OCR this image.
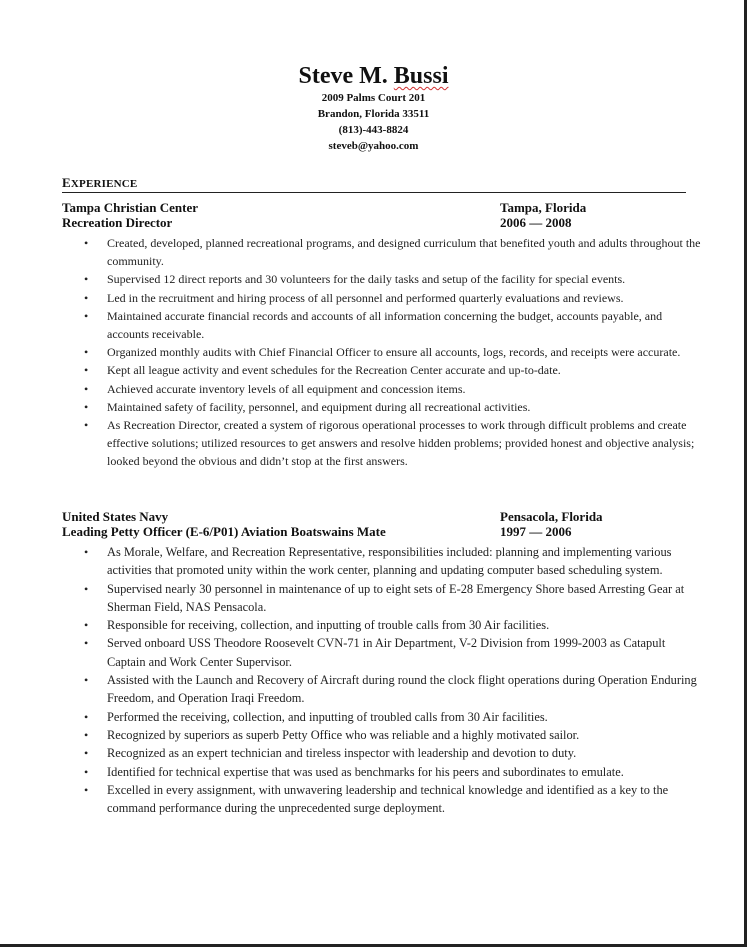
Steve M. Bussi
2009 Palms Court 201
Brandon, Florida 33511
(813)-443-8824
steveb@yahoo.com
EXPERIENCE
Tampa Christian Center	Tampa, Florida
Recreation Director	2006 — 2008
• Created, developed, planned recreational programs, and designed curriculum that benefited youth and adults throughout the community.
• Supervised 12 direct reports and 30 volunteers for the daily tasks and setup of the facility for special events.
• Led in the recruitment and hiring process of all personnel and performed quarterly evaluations and reviews.
• Maintained accurate financial records and accounts of all information concerning the budget, accounts payable, and accounts receivable.
• Organized monthly audits with Chief Financial Officer to ensure all accounts, logs, records, and receipts were accurate.
• Kept all league activity and event schedules for the Recreation Center accurate and up-to-date.
• Achieved accurate inventory levels of all equipment and concession items.
• Maintained safety of facility, personnel, and equipment during all recreational activities.
• As Recreation Director, created a system of rigorous operational processes to work through difficult problems and create effective solutions; utilized resources to get answers and resolve hidden problems; provided honest and objective analysis; looked beyond the obvious and didn’t stop at the first answers.
United States Navy	Pensacola, Florida
Leading Petty Officer (E-6/P01) Aviation Boatswains Mate	1997 — 2006
• As Morale, Welfare, and Recreation Representative, responsibilities included: planning and implementing various activities that promoted unity within the work center, planning and updating computer based scheduling system.
• Supervised nearly 30 personnel in maintenance of up to eight sets of E-28 Emergency Shore based Arresting Gear at Sherman Field, NAS Pensacola.
• Responsible for receiving, collection, and inputting of trouble calls from 30 Air facilities.
• Served onboard USS Theodore Roosevelt CVN-71 in Air Department, V-2 Division from 1999-2003 as Catapult Captain and Work Center Supervisor.
• Assisted with the Launch and Recovery of Aircraft during round the clock flight operations during Operation Enduring Freedom, and Operation Iraqi Freedom.
• Performed the receiving, collection, and inputting of troubled calls from 30 Air facilities.
• Recognized by superiors as superb Petty Office who was reliable and a highly motivated sailor.
• Recognized as an expert technician and tireless inspector with leadership and devotion to duty.
• Identified for technical expertise that was used as benchmarks for his peers and subordinates to emulate.
• Excelled in every assignment, with unwavering leadership and technical knowledge and identified as a key to the command performance during the unprecedented surge deployment.
